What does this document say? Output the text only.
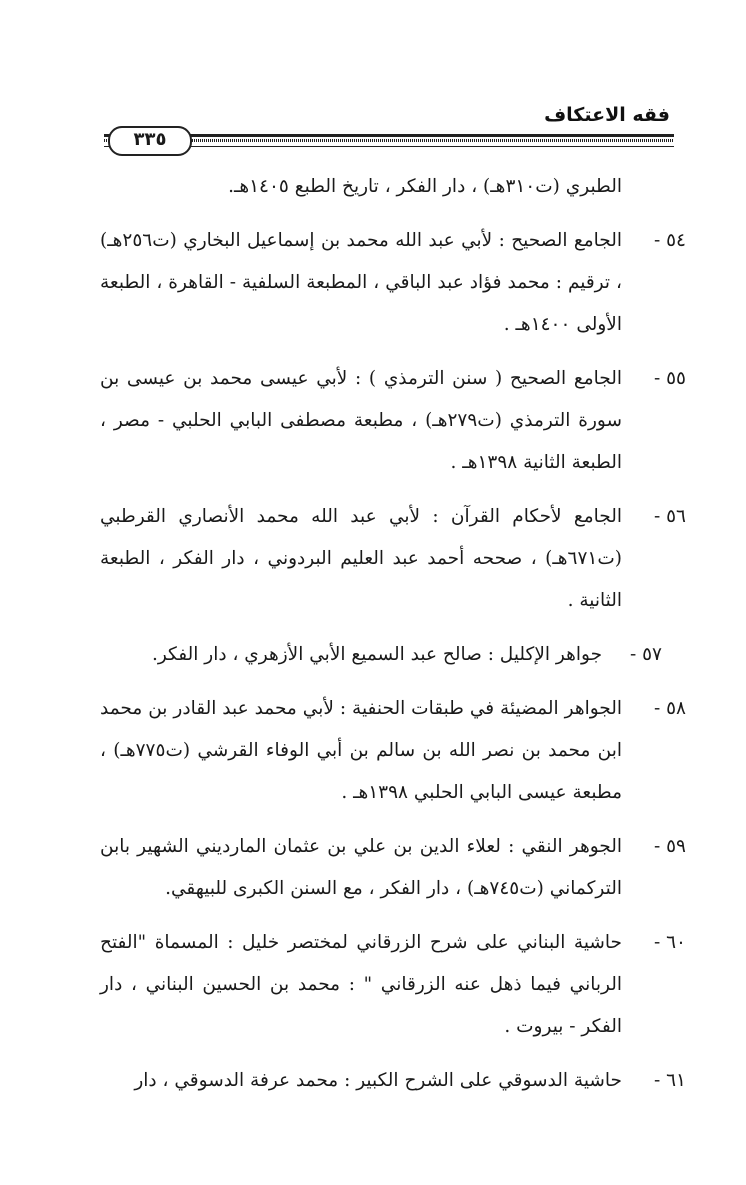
فقه الاعتكاف
٣٣٥
الطبري (ت٣١٠هـ) ، دار الفكر ، تاريخ الطبع ١٤٠٥هـ.
٥٤ -
الجامع الصحيح : لأبي عبد الله محمد بن إسماعيل البخاري (ت٢٥٦هـ) ، ترقيم : محمد فؤاد عبد الباقي ، المطبعة السلفية - القاهرة ، الطبعة الأولى ١٤٠٠هـ .
٥٥ -
الجامع الصحيح ( سنن الترمذي ) : لأبي عيسى محمد بن عيسى بن سورة الترمذي (ت٢٧٩هـ) ، مطبعة مصطفى البابي الحلبي - مصر ، الطبعة الثانية ١٣٩٨هـ .
٥٦ -
الجامع لأحكام القرآن : لأبي عبد الله محمد الأنصاري القرطبي (ت٦٧١هـ) ، صححه أحمد عبد العليم البردوني ، دار الفكر ، الطبعة الثانية .
٥٧ -
جواهر الإكليل : صالح عبد السميع الأبي الأزهري ، دار الفكر.
٥٨ -
الجواهر المضيئة في طبقات الحنفية : لأبي محمد عبد القادر بن محمد ابن محمد بن نصر الله بن سالم بن أبي الوفاء القرشي (ت٧٧٥هـ) ، مطبعة عيسى البابي الحلبي ١٣٩٨هـ .
٥٩ -
الجوهر النقي : لعلاء الدين بن علي بن عثمان المارديني الشهير بابن التركماني (ت٧٤٥هـ) ، دار الفكر ، مع السنن الكبرى للبيهقي.
٦٠ -
حاشية البناني على شرح الزرقاني لمختصر خليل : المسماة "الفتح الرباني فيما ذهل عنه الزرقاني " : محمد بن الحسين البناني ، دار الفكر - بيروت .
٦١ -
حاشية الدسوقي على الشرح الكبير : محمد عرفة الدسوقي ، دار
